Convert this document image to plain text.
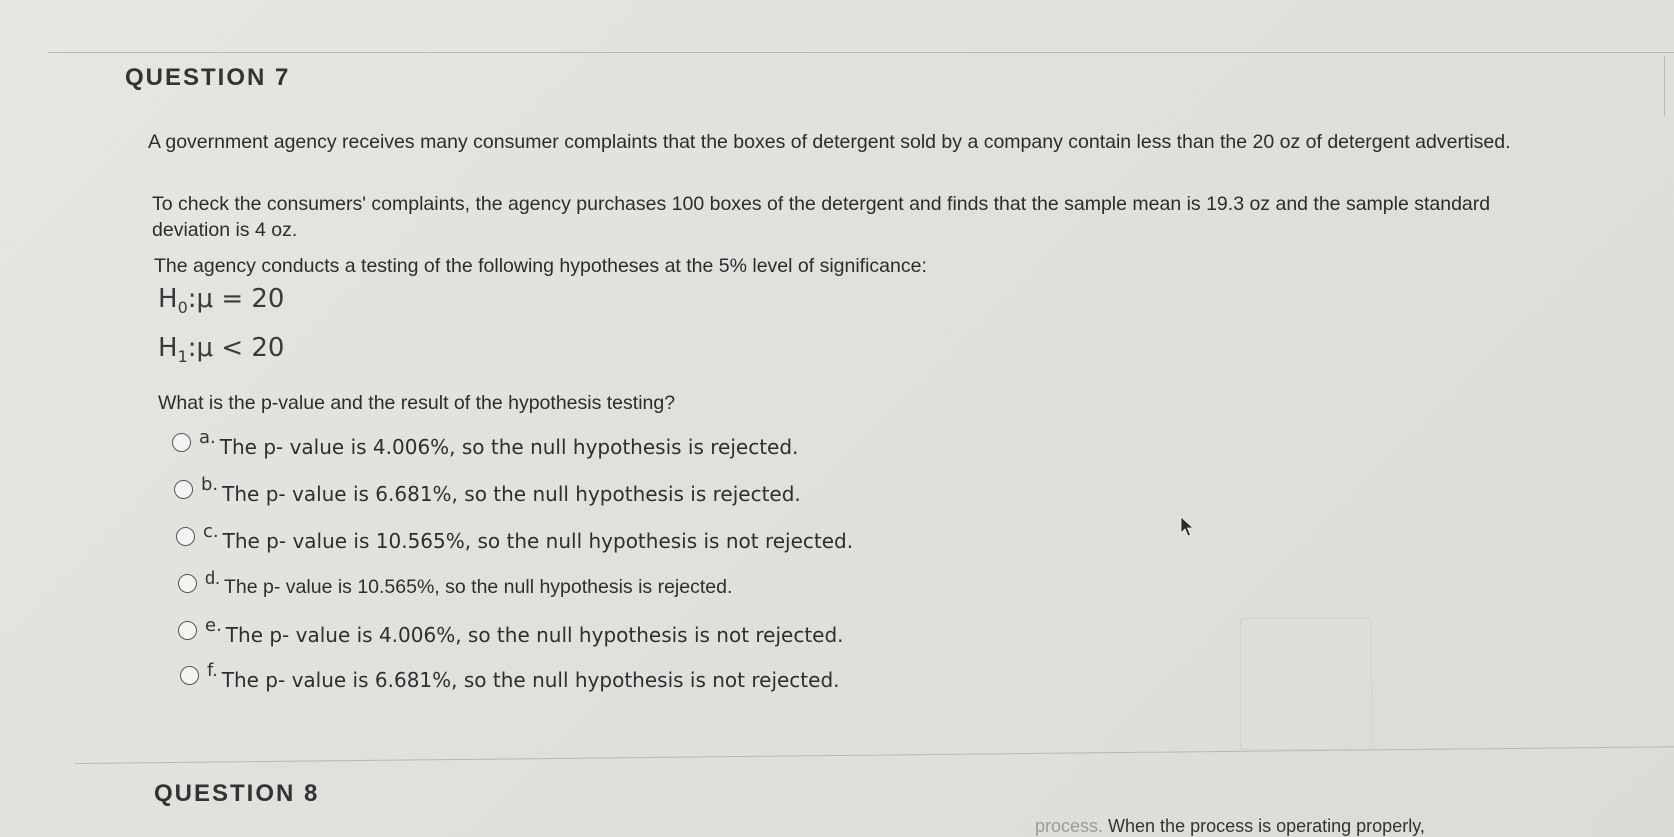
QUESTION 7
A government agency receives many consumer complaints that the boxes of detergent sold by a company contain less than the 20 oz of detergent advertised.
To check the consumers' complaints, the agency purchases 100 boxes of the detergent and finds that the sample mean is 19.3 oz and the sample standard deviation is 4 oz.
The agency conducts a testing of the following hypotheses at the 5% level of significance:
$H_0:\mu = 20$
$H_1:\mu < 20$
What is the p-value and the result of the hypothesis testing?
a. The p- value is 4.006%, so the null hypothesis is rejected.
b. The p- value is 6.681%, so the null hypothesis is rejected.
c. The p- value is 10.565%, so the null hypothesis is not rejected.
d. The p- value is 10.565%, so the null hypothesis is rejected.
e. The p- value is 4.006%, so the null hypothesis is not rejected.
f. The p- value is 6.681%, so the null hypothesis is not rejected.
QUESTION 8
process. When the process is operating properly,
